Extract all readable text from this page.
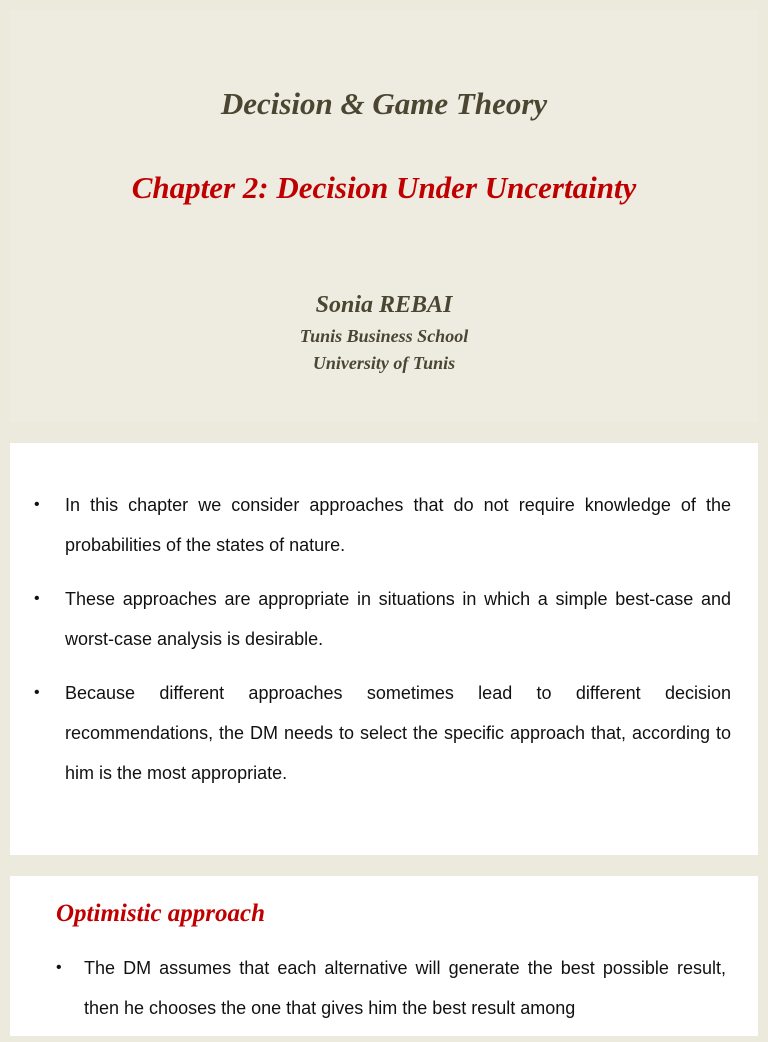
Decision & Game Theory
Chapter 2: Decision Under Uncertainty
Sonia REBAI
Tunis Business School
University of Tunis
• In this chapter we consider approaches that do not require knowledge of the probabilities of the states of nature.
• These approaches are appropriate in situations in which a simple best-case and worst-case analysis is desirable.
• Because different approaches sometimes lead to different decision recommendations, the DM needs to select the specific approach that, according to him is the most appropriate.
Optimistic approach
• The DM assumes that each alternative will generate the best possible result, then he chooses the one that gives him the best result among
